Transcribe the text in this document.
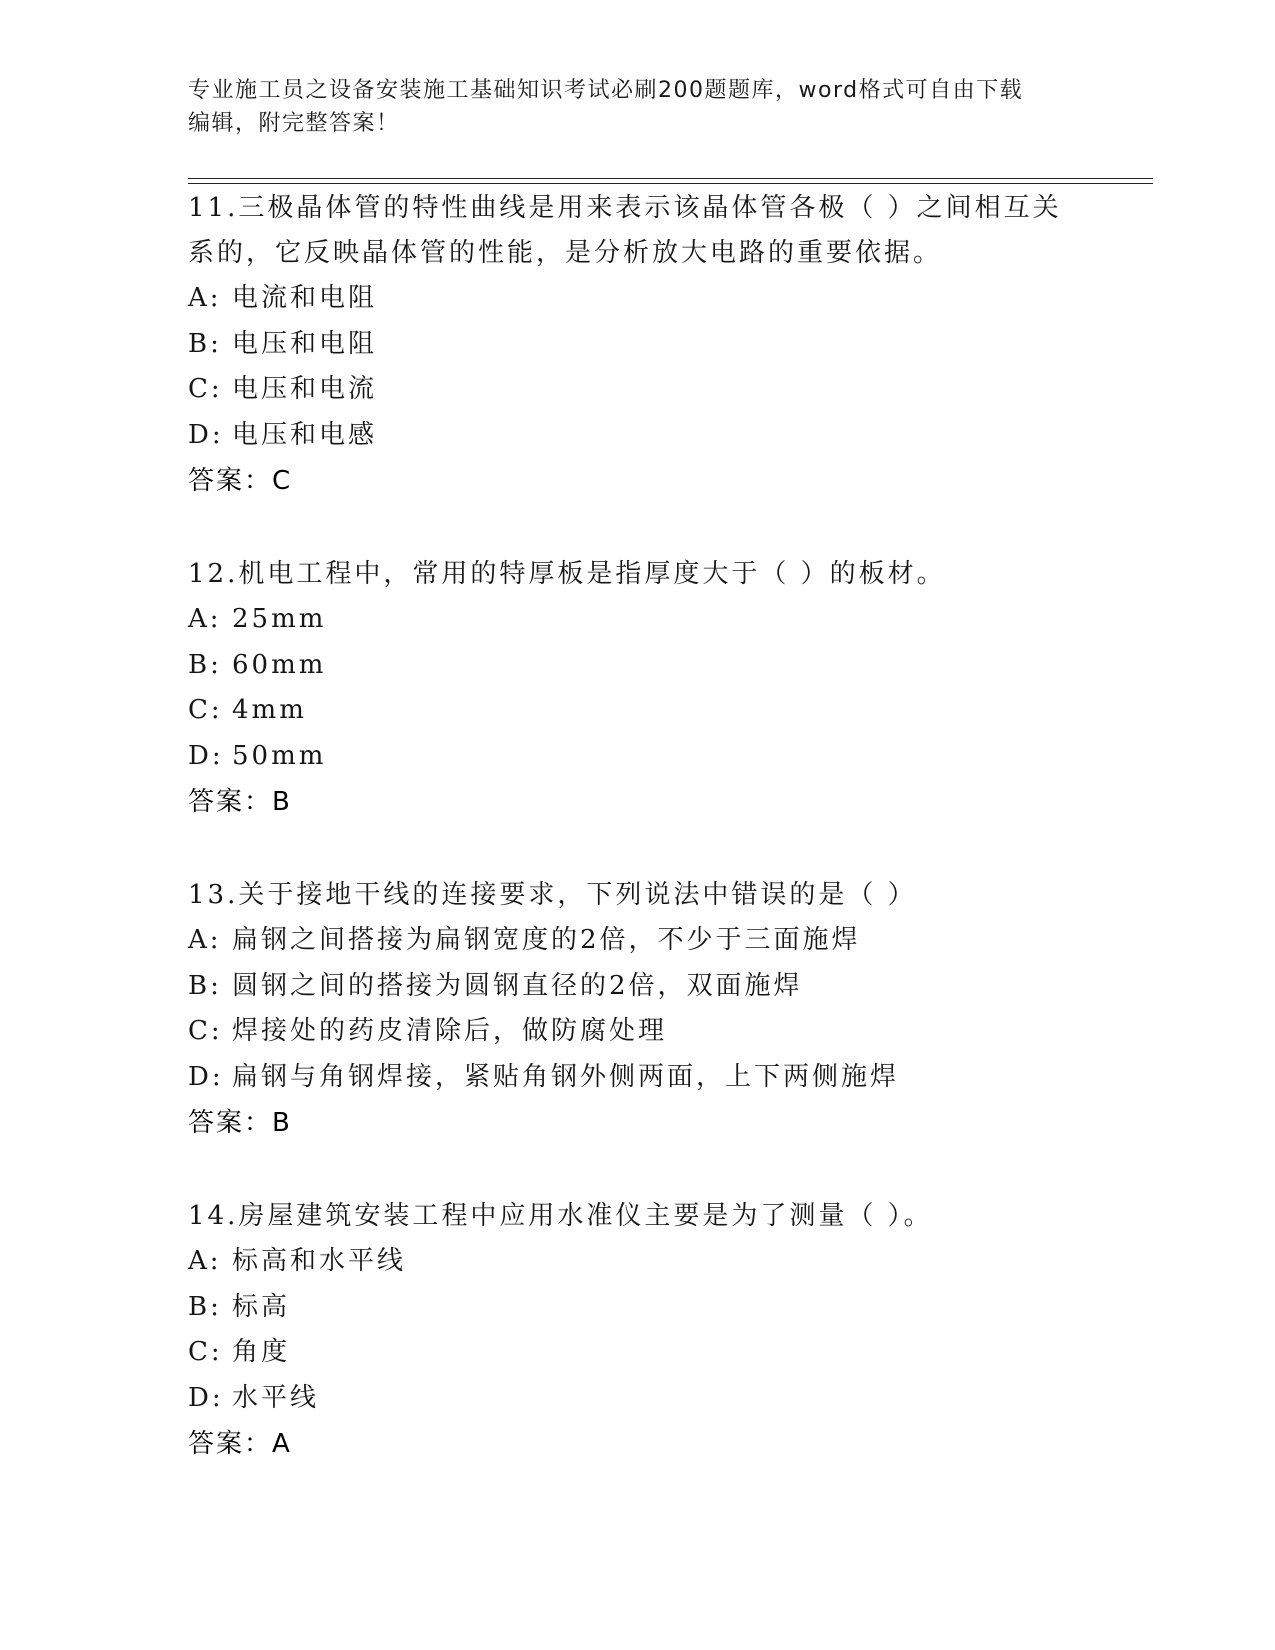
专业施工员之设备安装施工基础知识考试必刷200题题库，word格式可自由下载
编辑，附完整答案！
11.三极晶体管的特性曲线是用来表示该晶体管各极（ ）之间相互关
系的，它反映晶体管的性能，是分析放大电路的重要依据。
A: 电流和电阻
B: 电压和电阻
C: 电压和电流
D: 电压和电感
答案：C
12.机电工程中，常用的特厚板是指厚度大于（ ）的板材。
A: 25mm
B: 60mm
C: 4mm
D: 50mm
答案：B
13.关于接地干线的连接要求，下列说法中错误的是（ ）
A: 扁钢之间搭接为扁钢宽度的2倍，不少于三面施焊
B: 圆钢之间的搭接为圆钢直径的2倍，双面施焊
C: 焊接处的药皮清除后，做防腐处理
D: 扁钢与角钢焊接，紧贴角钢外侧两面，上下两侧施焊
答案：B
14.房屋建筑安装工程中应用水准仪主要是为了测量（ ）。
A: 标高和水平线
B: 标高
C: 角度
D: 水平线
答案：A
